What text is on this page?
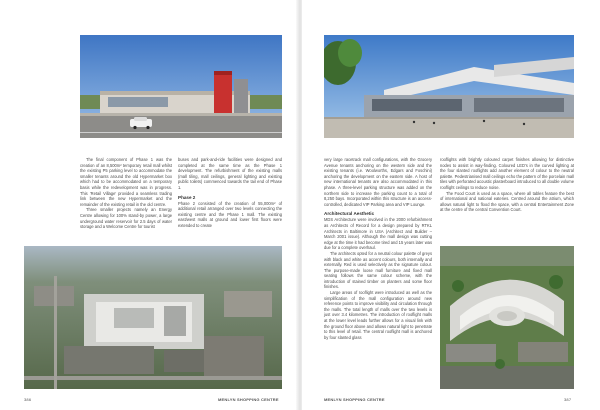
The final component of Phase 1 was the creation of an 8,500m² temporary retail mall whilst the existing P5 parking level to accommodate the smaller tenants around the old Hypermarket box which had to be accommodated on a temporary basis while the redevelopment was in progress. This ‘Retail Village’ provided a seamless trading link between the new Hypermarket and the remainder of the existing retail in the old centre.

Three smaller projects namely an Energy Centre allowing for 100% stand-by power, a large underground water reservoir for 2.5 days of water storage and a Welcome Centre for tourist

buses and park-and-ride facilities were designed and completed at the same time as the Phase 1 development. The refurbishment of the existing malls (mall tiling, mall ceilings, general lighting and existing public toilets) commenced towards the tail end of Phase 1.

Phase 2

Phase 2 consisted of the creation of 55,000m² of additional retail arranged over two levels connecting the existing centre and the Phase 1 mall. The existing east/west malls at ground and lower first floors were extended to create

386	MENLYN SHOPPING CENTRE

very large racetrack mall configurations, with the Grocery Avenue tenants anchoring on the western side and the existing tenants (i.e. Woolworths, Edgars and Foschini) anchoring the development on the eastern side. A host of new international tenants are also accommodated in this phase. A three-level parking structure was added on the northern side to increase the parking count to a total of 8,250 bays. Incorporated within this structure is an access-controlled, dedicated VIP Parking area and VIP Lounge.

Architectural Aesthetic

MDS Architecture were involved in the 2000 refurbishment as Architects of Record for a design prepared by RTKL Architects in Baltimore in USA (Architect and Builder – March 2001 issue). Although the mall design was cutting edge at the time it had become tired and 15 years later was due for a complete overhaul.

The architects opted for a neutral colour palette of greys with black and white as accent colours, both internally and externally. Red is used selectively as the signature colour. The purpose-made loose mall furniture and fixed mall seating follows the same colour scheme, with the introduction of stained timber on planters and some floor finishes.

Large areas of rooflight were introduced as well as the simplification of the mall configuration around new reference points to improve visibility and circulation through the malls. The total length of malls over the two levels is just over 3.4 kilometres. The introduction of rooflight malls at the lower level leads further allows for a visual link with the ground floor above and allows natural light to penetrate to this level of retail. The central rooflight mall is anchored by four slanted glass

rooflights with brightly coloured carpet finishes allowing for distinctive nodes to assist in way-finding. Coloured LED’s in the curved lighting at the four slanted rooflights add another element of colour to the neutral palette. Pedestrianised mall ceilings echo the pattern of the porcelain mall tiles with perforated acoustic plasterboard introduced to all double volume rooflight ceilings to reduce noise.

The Food Court is used as a space, where all tables feature the best of international and national eateries. Centred around the atrium, which allows natural light to flood the space, with a central Entertainment Zone at the centre of the central Convention Court.

MENLYN SHOPPING CENTRE	387
